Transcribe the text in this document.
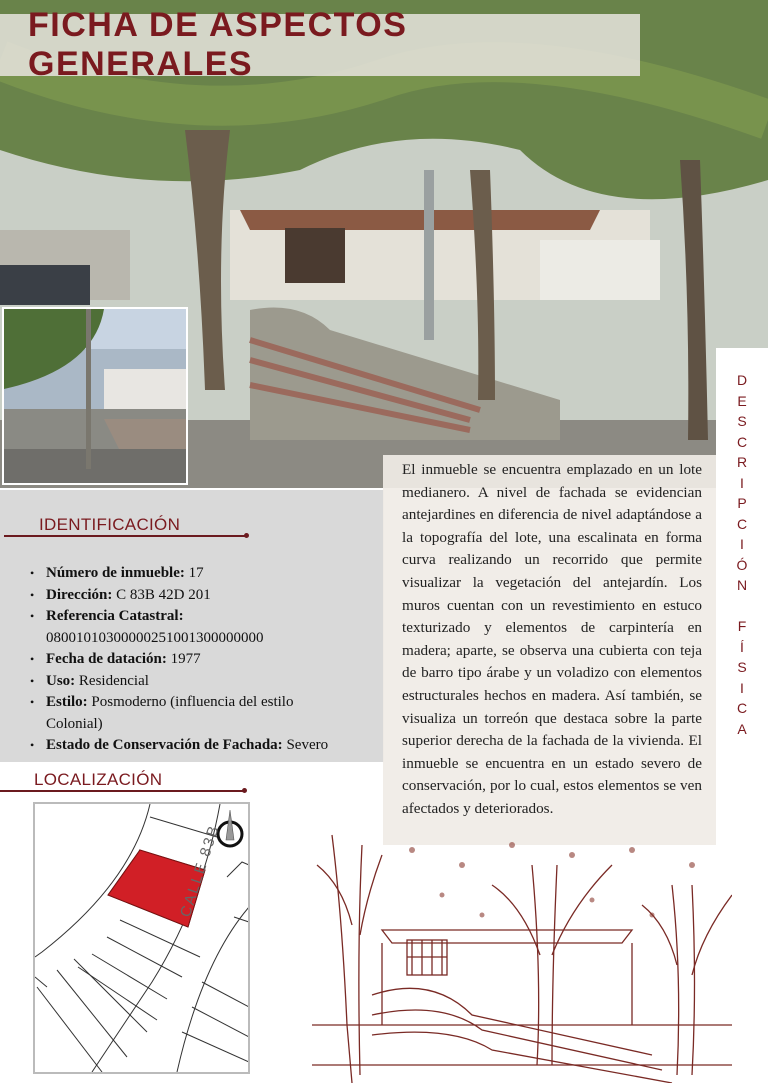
FICHA DE ASPECTOS GENERALES
IDENTIFICACIÓN
• Número de inmueble: 17
• Dirección: C 83B 42D 201
• Referencia Catastral:
08001010300000251001300000000
• Fecha de datación: 1977
• Uso: Residencial
• Estilo: Posmoderno (influencia del estilo Colonial)
• Estado de Conservación de Fachada: Severo
LOCALIZACIÓN
CALLE 83B

El inmueble se encuentra emplazado en un lote medianero. A nivel de fachada se evidencian antejardines en diferencia de nivel adaptándose a la topografía del lote, una escalinata en forma curva realizando un recorrido que permite visualizar la vegetación del antejardín. Los muros cuentan con un revestimiento en estuco texturizado y elementos de carpintería en madera; aparte, se observa una cubierta con teja de barro tipo árabe y un voladizo con elementos estructurales hechos en madera. Así también, se visualiza un torreón que destaca sobre la parte superior derecha de la fachada de la vivienda. El inmueble se encuentra en un estado severo de conservación, por lo cual, estos elementos se ven afectados y deteriorados.

D
E
S
C
R
I
P
C
I
Ó
N

F
Í
S
I
C
A
